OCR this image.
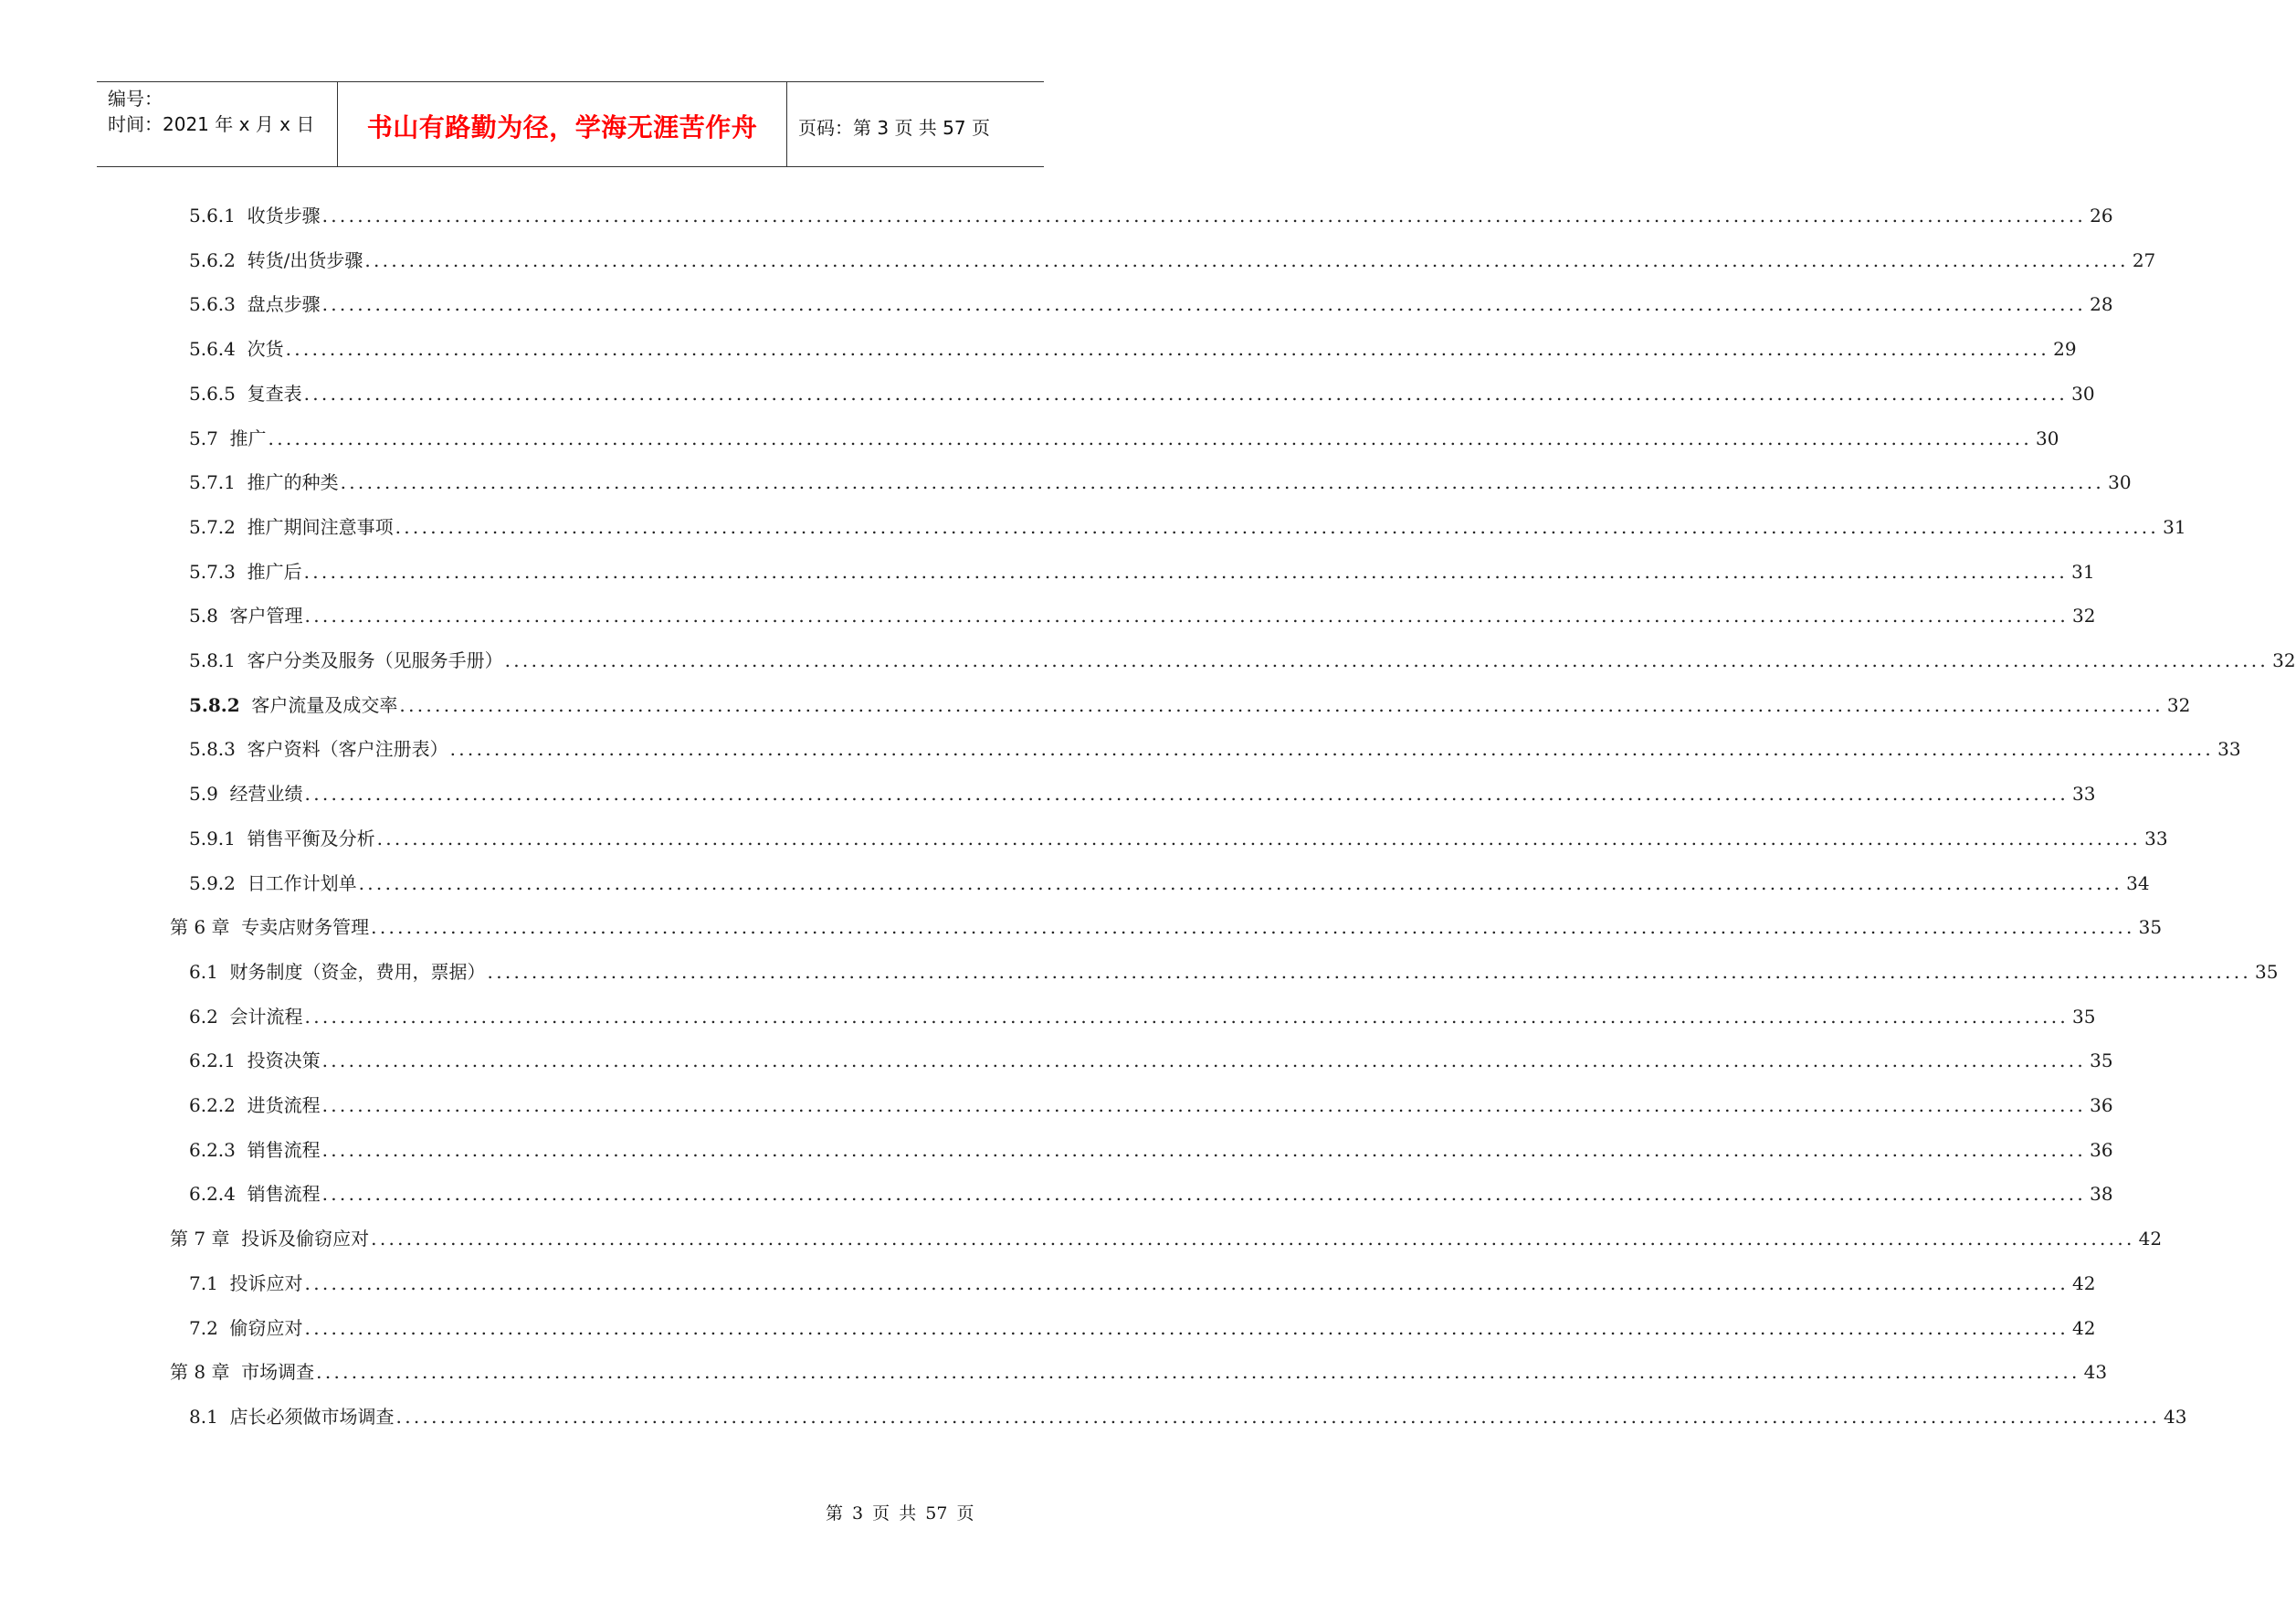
编号：
时间：2021 年 x 月 x 日	书山有路勤为径，学海无涯苦作舟	页码：第 3 页 共 57 页
5.6.1  收货步骤 ........................................................................................................................................................................................................ 26
5.6.2  转货/出货步骤 ........................................................................................................................................................................................................ 27
5.6.3  盘点步骤 ........................................................................................................................................................................................................ 28
5.6.4  次货 ........................................................................................................................................................................................................ 29
5.6.5  复查表 ........................................................................................................................................................................................................ 30
5.7  推广 ........................................................................................................................................................................................................ 30
5.7.1  推广的种类 ........................................................................................................................................................................................................ 30
5.7.2  推广期间注意事项 ........................................................................................................................................................................................................ 31
5.7.3  推广后 ........................................................................................................................................................................................................ 31
5.8  客户管理 ........................................................................................................................................................................................................ 32
5.8.1  客户分类及服务（见服务手册） ........................................................................................................................................................................................................ 32
5.8.2  客户流量及成交率 ........................................................................................................................................................................................................ 32
5.8.3  客户资料（客户注册表） ........................................................................................................................................................................................................ 33
5.9  经营业绩 ........................................................................................................................................................................................................ 33
5.9.1  销售平衡及分析 ........................................................................................................................................................................................................ 33
5.9.2  日工作计划单 ........................................................................................................................................................................................................ 34
第 6 章  专卖店财务管理 ........................................................................................................................................................................................................ 35
6.1  财务制度（资金，费用，票据） ........................................................................................................................................................................................................ 35
6.2  会计流程 ........................................................................................................................................................................................................ 35
6.2.1  投资决策 ........................................................................................................................................................................................................ 35
6.2.2  进货流程 ........................................................................................................................................................................................................ 36
6.2.3  销售流程 ........................................................................................................................................................................................................ 36
6.2.4  销售流程 ........................................................................................................................................................................................................ 38
第 7 章  投诉及偷窃应对 ........................................................................................................................................................................................................ 42
7.1  投诉应对 ........................................................................................................................................................................................................ 42
7.2  偷窃应对 ........................................................................................................................................................................................................ 42
第 8 章  市场调查 ........................................................................................................................................................................................................ 43
8.1  店长必须做市场调查 ........................................................................................................................................................................................................ 43
第 3 页 共 57 页
